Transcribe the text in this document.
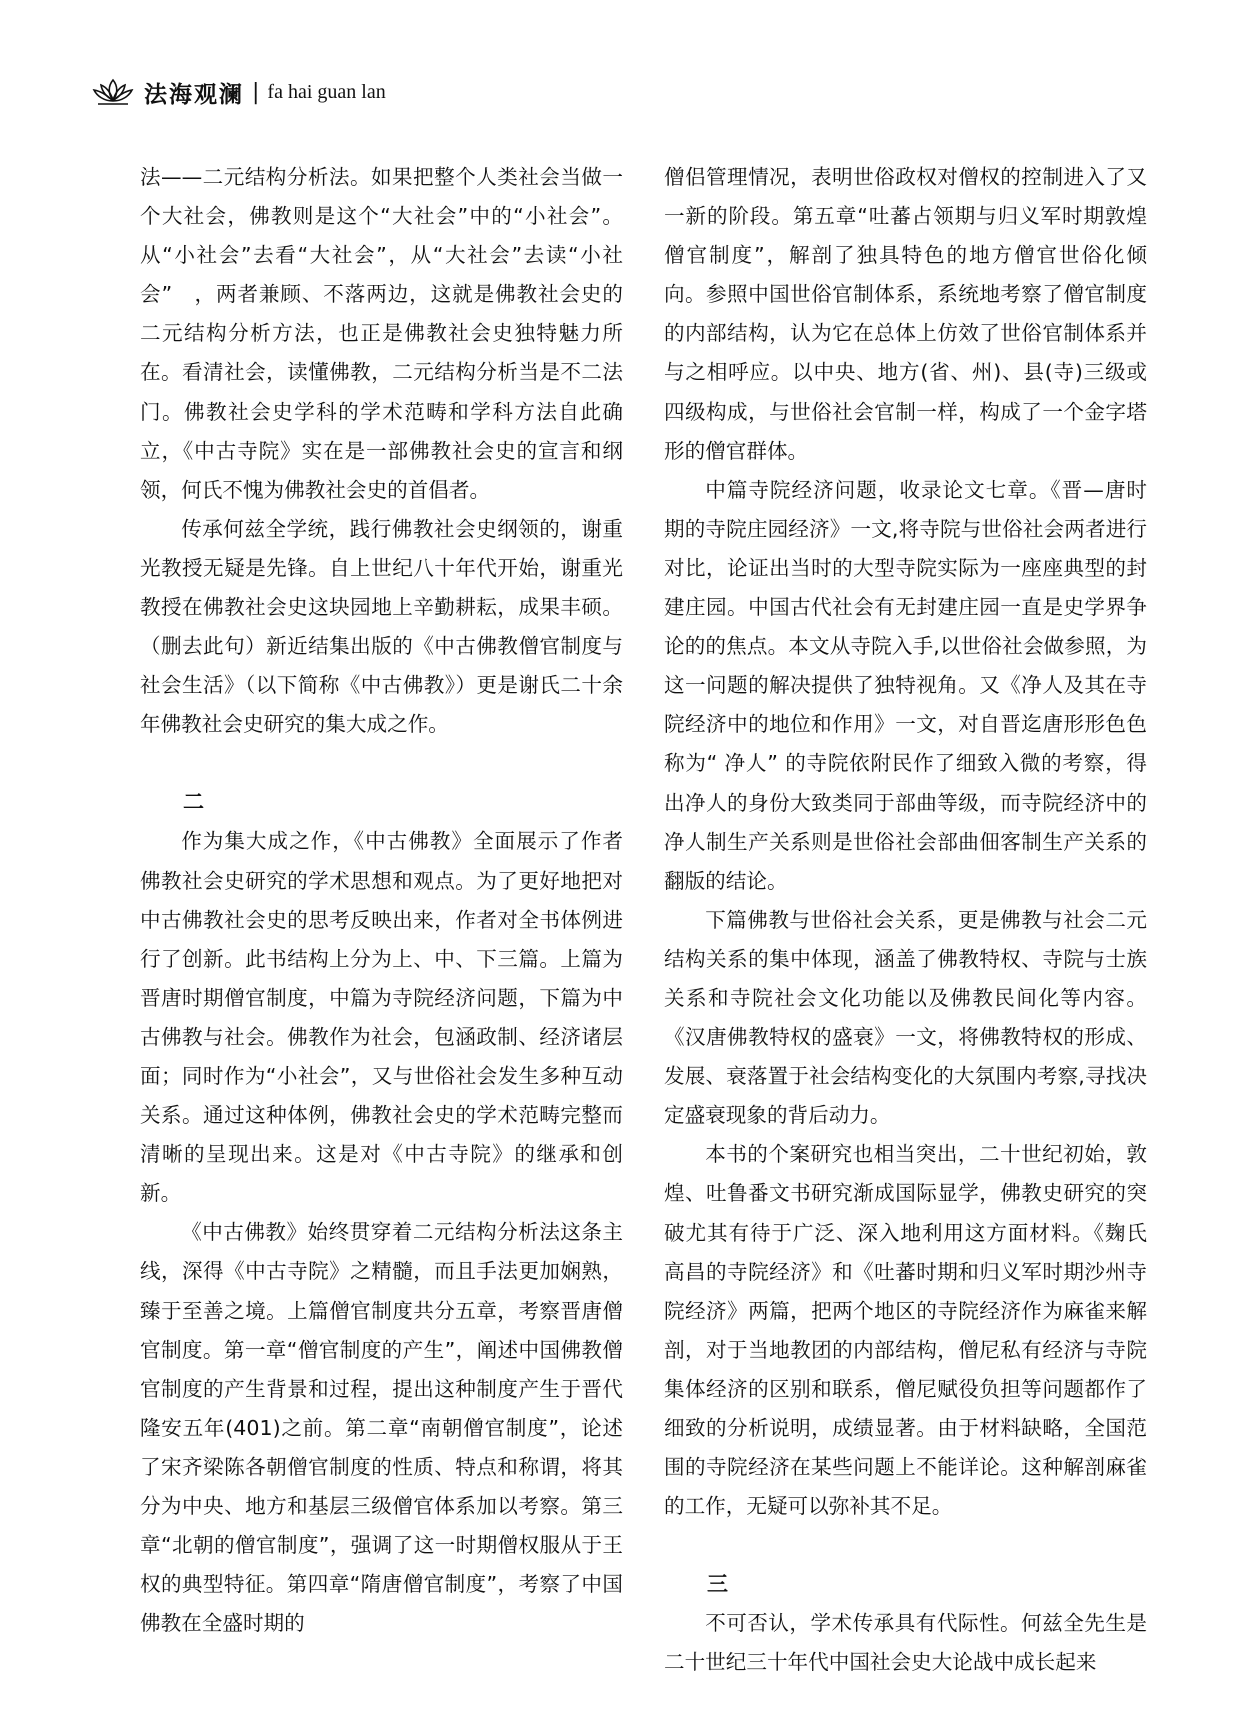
法海观澜 | fa hai guan lan

法——二元结构分析法。如果把整个人类社会当做一个大社会，佛教则是这个“大社会”中的“小社会”。从“小社会”去看“大社会”，从“大社会”去读“小社会”　，两者兼顾、不落两边，这就是佛教社会史的二元结构分析方法，也正是佛教社会史独特魅力所在。看清社会，读懂佛教，二元结构分析当是不二法门。佛教社会史学科的学术范畴和学科方法自此确立，《中古寺院》实在是一部佛教社会史的宣言和纲领，何氏不愧为佛教社会史的首倡者。

传承何兹全学统，践行佛教社会史纲领的，谢重光教授无疑是先锋。自上世纪八十年代开始，谢重光教授在佛教社会史这块园地上辛勤耕耘，成果丰硕。（删去此句）新近结集出版的《中古佛教僧官制度与社会生活》（以下简称《中古佛教》）更是谢氏二十余年佛教社会史研究的集大成之作。

二

作为集大成之作，《中古佛教》全面展示了作者佛教社会史研究的学术思想和观点。为了更好地把对中古佛教社会史的思考反映出来，作者对全书体例进行了创新。此书结构上分为上、中、下三篇。上篇为晋唐时期僧官制度，中篇为寺院经济问题，下篇为中古佛教与社会。佛教作为社会，包涵政制、经济诸层面；同时作为“小社会”，又与世俗社会发生多种互动关系。通过这种体例，佛教社会史的学术范畴完整而清晰的呈现出来。这是对《中古寺院》的继承和创新。

《中古佛教》始终贯穿着二元结构分析法这条主线，深得《中古寺院》之精髓，而且手法更加娴熟，臻于至善之境。上篇僧官制度共分五章，考察晋唐僧官制度。第一章“僧官制度的产生”，阐述中国佛教僧官制度的产生背景和过程，提出这种制度产生于晋代隆安五年(401)之前。第二章“南朝僧官制度”，论述了宋齐梁陈各朝僧官制度的性质、特点和称谓，将其分为中央、地方和基层三级僧官体系加以考察。第三章“北朝的僧官制度”，强调了这一时期僧权服从于王权的典型特征。第四章“隋唐僧官制度”，考察了中国佛教在全盛时期的

僧侣管理情况，表明世俗政权对僧权的控制进入了又一新的阶段。第五章“吐蕃占领期与归义军时期敦煌僧官制度”，解剖了独具特色的地方僧官世俗化倾向。参照中国世俗官制体系，系统地考察了僧官制度的内部结构，认为它在总体上仿效了世俗官制体系并与之相呼应。以中央、地方(省、州)、县(寺)三级或四级构成，与世俗社会官制一样，构成了一个金字塔形的僧官群体。

中篇寺院经济问题，收录论文七章。《晋—唐时期的寺院庄园经济》一文,将寺院与世俗社会两者进行对比，论证出当时的大型寺院实际为一座座典型的封建庄园。中国古代社会有无封建庄园一直是史学界争论的的焦点。本文从寺院入手,以世俗社会做参照，为这一问题的解决提供了独特视角。又《净人及其在寺院经济中的地位和作用》一文，对自晋迄唐形形色色称为“ 净人” 的寺院依附民作了细致入微的考察，得出净人的身份大致类同于部曲等级，而寺院经济中的净人制生产关系则是世俗社会部曲佃客制生产关系的翻版的结论。

下篇佛教与世俗社会关系，更是佛教与社会二元结构关系的集中体现，涵盖了佛教特权、寺院与士族关系和寺院社会文化功能以及佛教民间化等内容。《汉唐佛教特权的盛衰》一文，将佛教特权的形成、发展、衰落置于社会结构变化的大氛围内考察,寻找决定盛衰现象的背后动力。

本书的个案研究也相当突出，二十世纪初始，敦煌、吐鲁番文书研究渐成国际显学，佛教史研究的突破尤其有待于广泛、深入地利用这方面材料。《麹氏高昌的寺院经济》和《吐蕃时期和归义军时期沙州寺院经济》两篇，把两个地区的寺院经济作为麻雀来解剖，对于当地教团的内部结构，僧尼私有经济与寺院集体经济的区别和联系，僧尼赋役负担等问题都作了细致的分析说明，成绩显著。由于材料缺略，全国范围的寺院经济在某些问题上不能详论。这种解剖麻雀的工作，无疑可以弥补其不足。

三

不可否认，学术传承具有代际性。何兹全先生是二十世纪三十年代中国社会史大论战中成长起来
